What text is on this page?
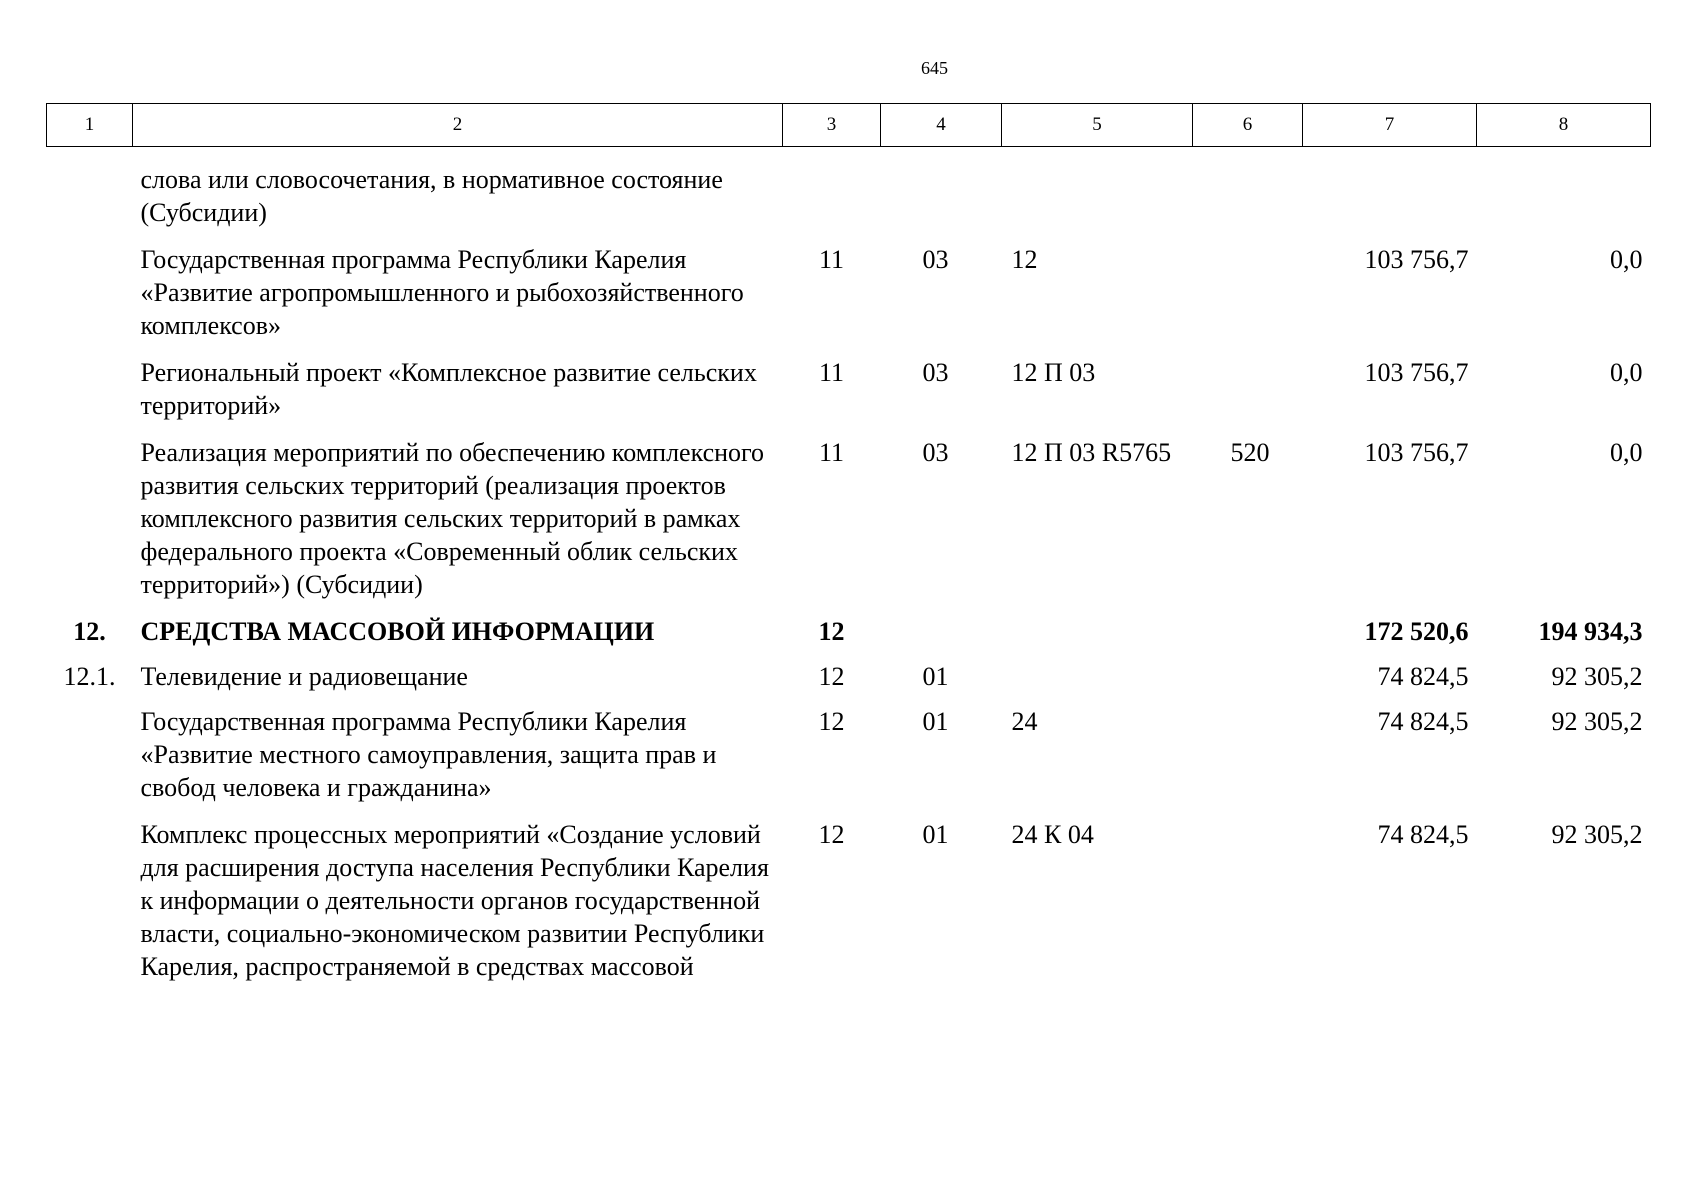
645
1	2	3	4	5	6	7	8

	слова или словосочетания, в нормативное состояние (Субсидии)						
	Государственная программа Республики Карелия «Развитие агропромышленного и рыбохозяйственного комплексов»	11	03	12		103 756,7	0,0
	Региональный проект «Комплексное развитие сельских территорий»	11	03	12 П 03		103 756,7	0,0
	Реализация мероприятий по обеспечению комплексного развития сельских территорий (реализация проектов комплексного развития сельских территорий в рамках федерального проекта «Современный облик сельских территорий») (Субсидии)	11	03	12 П 03 R5765	520	103 756,7	0,0
12.	СРЕДСТВА МАССОВОЙ ИНФОРМАЦИИ	12				172 520,6	194 934,3
12.1.	Телевидение и радиовещание	12	01			74 824,5	92 305,2
	Государственная программа Республики Карелия «Развитие местного самоуправления, защита прав и свобод человека и гражданина»	12	01	24		74 824,5	92 305,2
	Комплекс процессных мероприятий «Создание условий для расширения доступа населения Республики Карелия к информации о деятельности органов государственной власти, социально-экономическом развитии Республики Карелия, распространяемой в средствах массовой	12	01	24 К 04		74 824,5	92 305,2
